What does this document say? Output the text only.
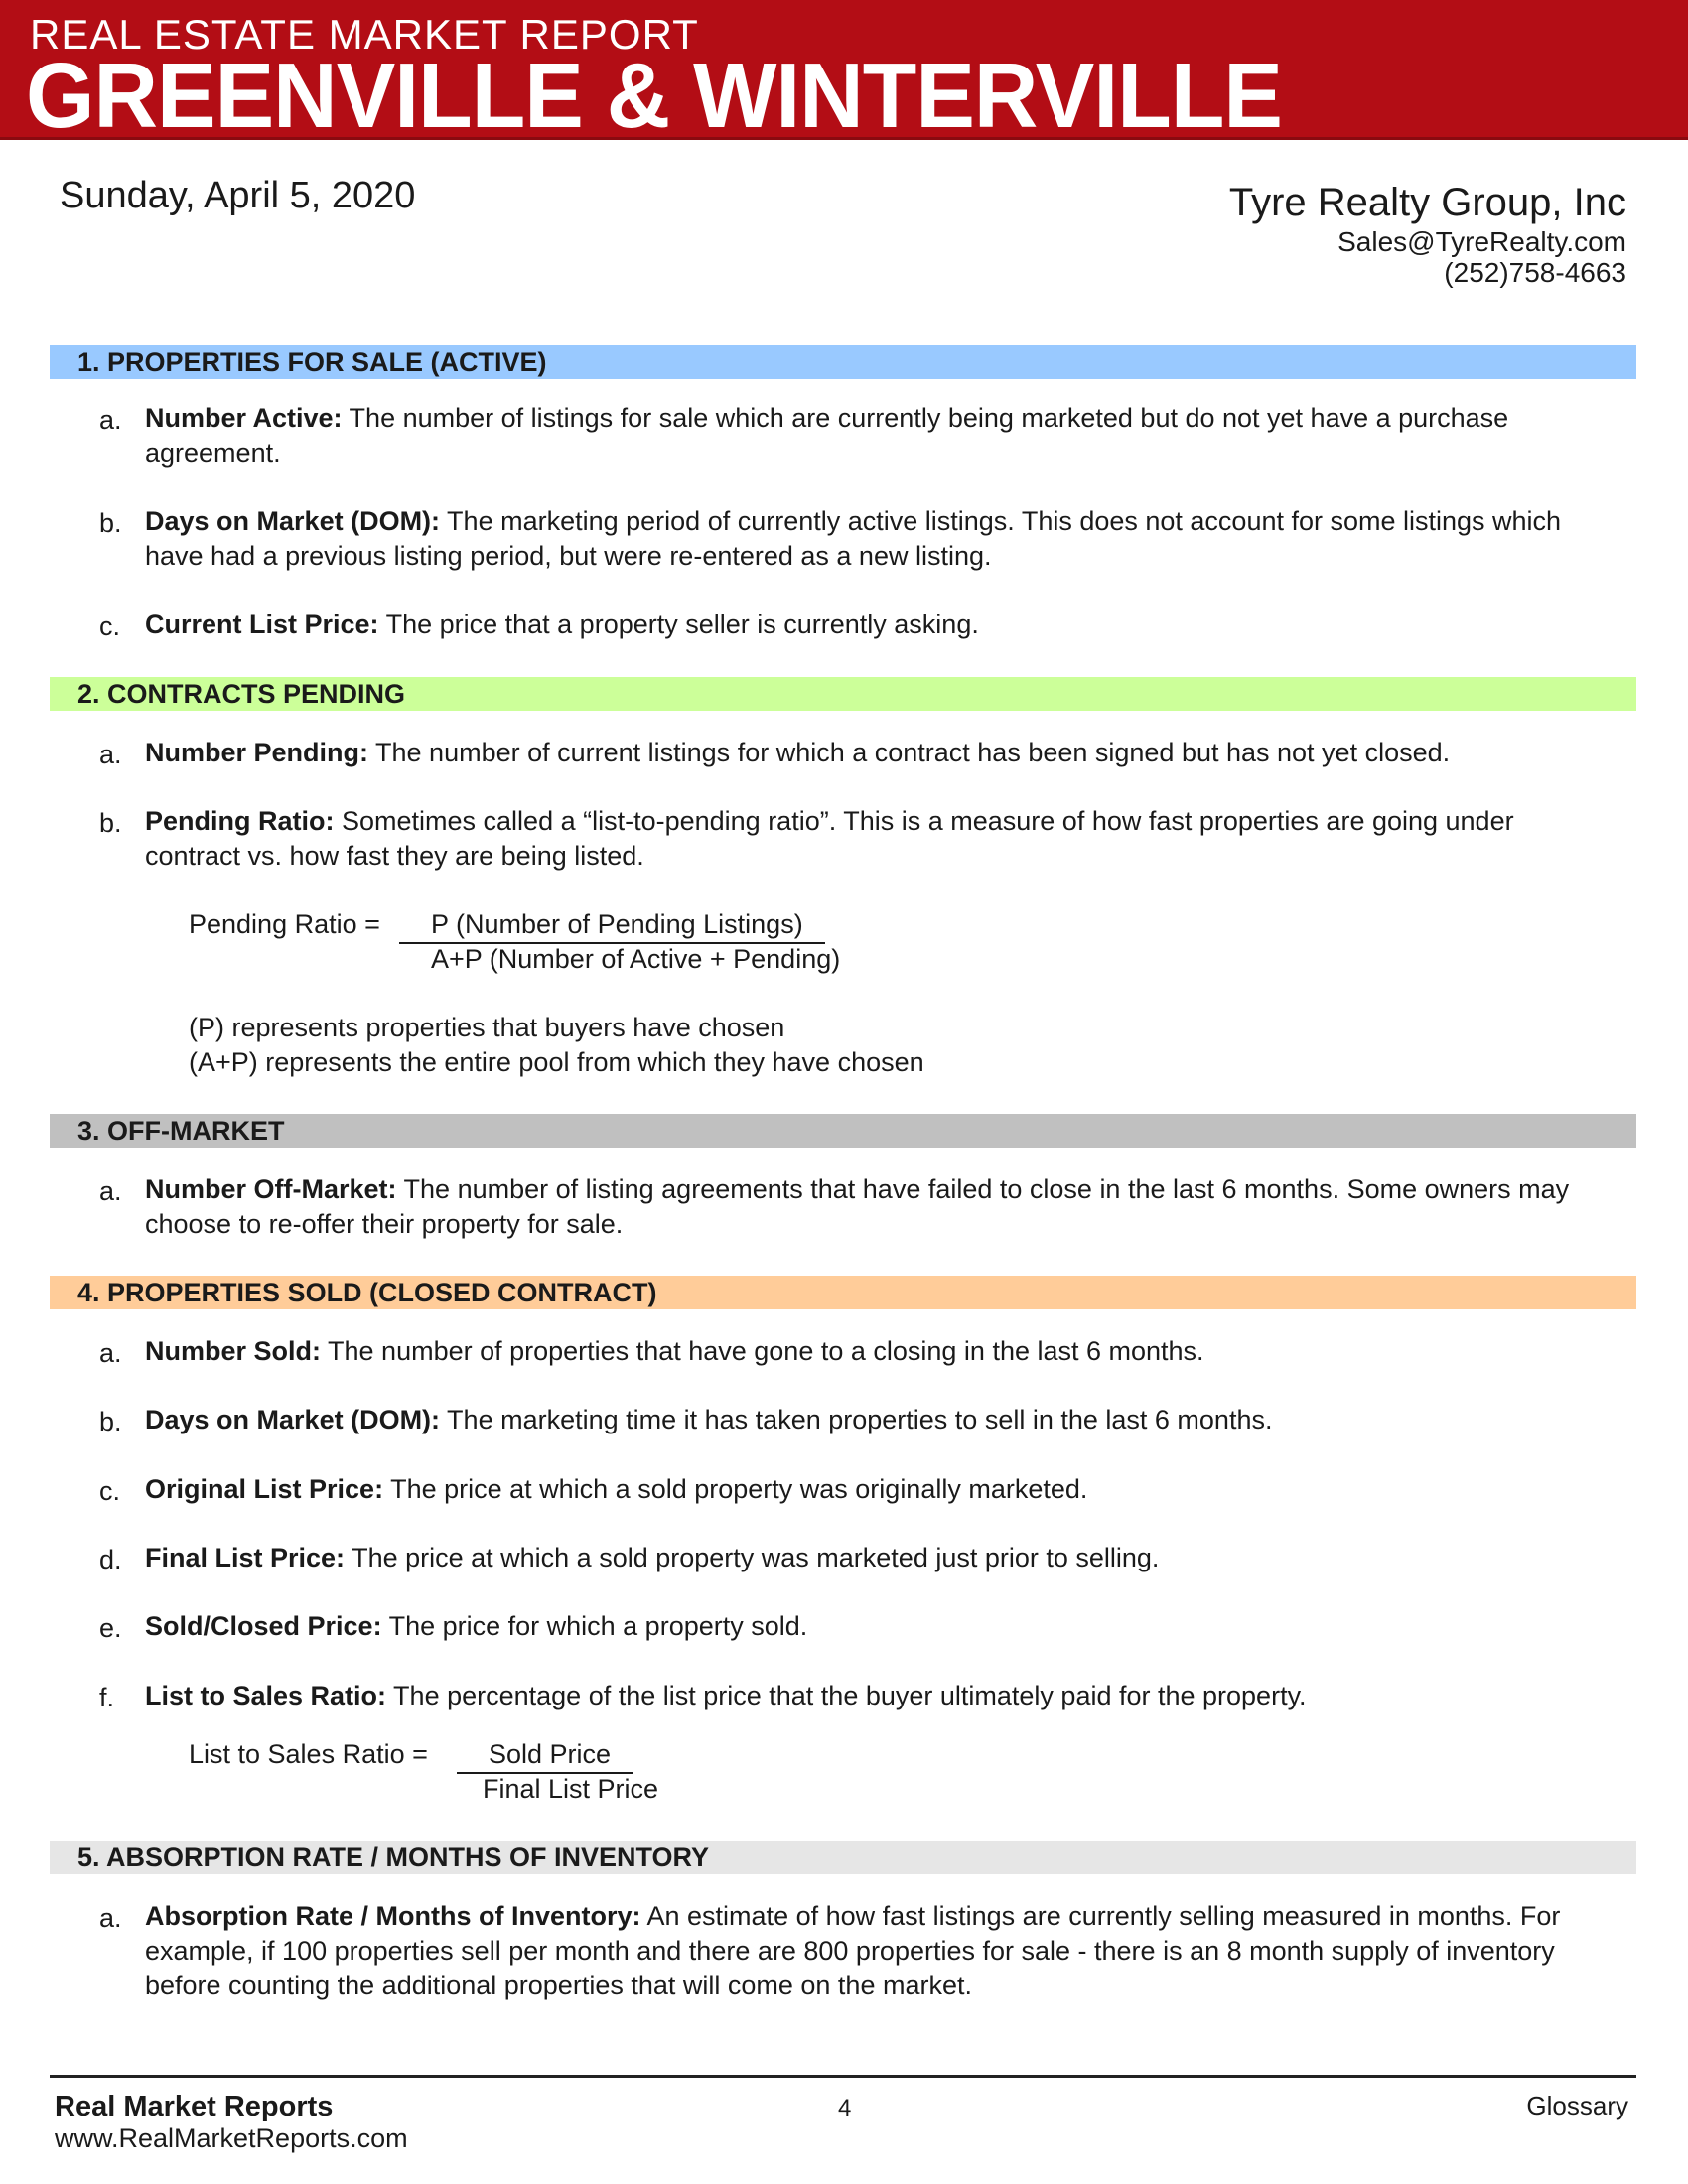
REAL ESTATE MARKET REPORT
GREENVILLE & WINTERVILLE
Sunday, April 5, 2020	Tyre Realty Group, Inc
Sales@TyreRealty.com
(252)758-4663
1. PROPERTIES FOR SALE (ACTIVE)
a. Number Active: The number of listings for sale which are currently being marketed but do not yet have a purchase agreement.
b. Days on Market (DOM): The marketing period of currently active listings. This does not account for some listings which have had a previous listing period, but were re-entered as a new listing.
c. Current List Price: The price that a property seller is currently asking.
2. CONTRACTS PENDING
a. Number Pending: The number of current listings for which a contract has been signed but has not yet closed.
b. Pending Ratio: Sometimes called a “list-to-pending ratio”. This is a measure of how fast properties are going under contract vs. how fast they are being listed.
Pending Ratio =	P (Number of Pending Listings)
A+P (Number of Active + Pending)
(P) represents properties that buyers have chosen
(A+P) represents the entire pool from which they have chosen
3. OFF-MARKET
a. Number Off-Market: The number of listing agreements that have failed to close in the last 6 months. Some owners may choose to re-offer their property for sale.
4. PROPERTIES SOLD (CLOSED CONTRACT)
a. Number Sold: The number of properties that have gone to a closing in the last 6 months.
b. Days on Market (DOM): The marketing time it has taken properties to sell in the last 6 months.
c. Original List Price: The price at which a sold property was originally marketed.
d. Final List Price: The price at which a sold property was marketed just prior to selling.
e. Sold/Closed Price: The price for which a property sold.
f.	List to Sales Ratio: The percentage of the list price that the buyer ultimately paid for the property.
List to Sales Ratio =	Sold Price
Final List Price
5. ABSORPTION RATE / MONTHS OF INVENTORY
a. Absorption Rate / Months of Inventory: An estimate of how fast listings are currently selling measured in months. For example, if 100 properties sell per month and there are 800 properties for sale - there is an 8 month supply of inventory before counting the additional properties that will come on the market.
Real Market Reports
www.RealMarketReports.com
4	Glossary
